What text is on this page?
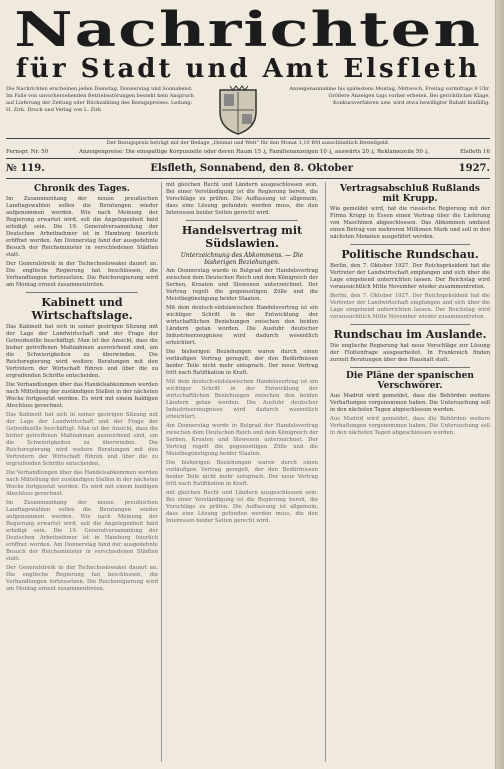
Nachrichten
für Stadt und Amt Elsfleth
Die Nachrichten erscheinen jeden Dienstag, Donnerstag und Sonnabend. Im Falle von unvorhersehenden Betriebsstörungen besteht kein Anspruch auf Lieferung der Zeitung oder Rückzahlung des Bezugspreises. Leitung: H. Zirk. Druck und Verlag von L. Zirk.
Anzeigenannahme bis spätestens Montag, Mittwoch, Freitag vormittags 9 Uhr. Größere Anzeigen tags vorher erbeten. Bei gerichtlicher Klage, Konkursverfahren usw. wird etwa bewilligter Rabatt hinfällig.
Der Bezugspreis beträgt mit der Beilage „Heimat und Welt“ für den Monat 1,10 RM ausschließlich Bestellgeld.
Fernspr. Nr. 50	Anzeigenpreise: Die einspaltige Korpuszeile oder deren Raum 15 ₰, Familienanzeigen 10 ₰, auswärts 20 ₰, Reklamezeile 50 ₰.	Elsfleth 16
№ 119.	Elsfleth, Sonnabend, den 8. Oktober	1927.
Chronik des Tages.

Im Zusammenhang der neuen preußischen Landtagswahlen sollen die Beratungen wieder aufgenommen werden. Wie nach Meinung der Regierung erwartet wird, soll die Angelegenheit bald erledigt sein. Die 19. Generalversammlung der Deutschen Arbeitnehmer ist in Hamburg feierlich eröffnet worden. Am Donnerstag fand der ausgedehnte Besuch der Reichsminister in verschiedenen Städten statt.

Der Generalstreik in der Tschechoslowakei dauert an. Die englische Regierung hat beschlossen, die Verhandlungen fortzusetzen. Die Reichsregierung wird am Montag erneut zusammentreten.

Kabinett und Wirtschaftslage.

Das Kabinett hat sich in seiner gestrigen Sitzung mit der Lage der Landwirtschaft und der Frage der Getreidezölle beschäftigt. Man ist der Ansicht, dass die bisher getroffenen Maßnahmen ausreichend sind, um die Schwierigkeiten zu überwinden. Die Reichsregierung wird weitere Beratungen mit den Vertretern der Wirtschaft führen und über die zu ergreifenden Schritte entscheiden.

Die Verhandlungen über das Handelsabkommen werden nach Mitteilung der zuständigen Stellen in der nächsten Woche fortgesetzt werden. Es wird mit einem baldigen Abschluss gerechnet.

Das Kabinett hat sich in seiner gestrigen Sitzung mit der Lage der Landwirtschaft und der Frage der Getreidezölle beschäftigt. Man ist der Ansicht, dass die bisher getroffenen Maßnahmen ausreichend sind, um die Schwierigkeiten zu überwinden. Die Reichsregierung wird weitere Beratungen mit den Vertretern der Wirtschaft führen und über die zu ergreifenden Schritte entscheiden.

Die Verhandlungen über das Handelsabkommen werden nach Mitteilung der zuständigen Stellen in der nächsten Woche fortgesetzt werden. Es wird mit einem baldigen Abschluss gerechnet.

Im Zusammenhang der neuen preußischen Landtagswahlen sollen die Beratungen wieder aufgenommen werden. Wie nach Meinung der Regierung erwartet wird, soll die Angelegenheit bald erledigt sein. Die 19. Generalversammlung der Deutschen Arbeitnehmer ist in Hamburg feierlich eröffnet worden. Am Donnerstag fand der ausgedehnte Besuch der Reichsminister in verschiedenen Städten statt.

Der Generalstreik in der Tschechoslowakei dauert an. Die englische Regierung hat beschlossen, die Verhandlungen fortzusetzen. Die Reichsregierung wird am Montag erneut zusammentreten.

mit gleichen Recht und Ländern ausgeschlossen sein. Bei einer Verständigung ist die Regierung bereit, die Vorschläge zu prüfen. Die Auffassung ist allgemein, dass eine Lösung gefunden werden muss, die den Interessen beider Seiten gerecht wird.

Handelsvertrag mit Südslawien.
Unterzeichnung des Abkommens. — Die bisherigen Beziehungen.

Am Donnerstag wurde in Belgrad der Handelsvertrag zwischen dem Deutschen Reich und dem Königreich der Serben, Kroaten und Slowenen unterzeichnet. Der Vertrag regelt die gegenseitigen Zölle und die Meistbegünstigung beider Staaten.

Mit dem deutsch-südslawischen Handelsvertrag ist ein wichtiger Schritt in der Entwicklung der wirtschaftlichen Beziehungen zwischen den beiden Ländern getan worden. Die Ausfuhr deutscher Industrieerzeugnisse wird dadurch wesentlich erleichtert.

Die bisherigen Beziehungen waren durch einen vorläufigen Vertrag geregelt, der den Bedürfnissen beider Teile nicht mehr entsprach. Der neue Vertrag tritt nach Ratifikation in Kraft.

Mit dem deutsch-südslawischen Handelsvertrag ist ein wichtiger Schritt in der Entwicklung der wirtschaftlichen Beziehungen zwischen den beiden Ländern getan worden. Die Ausfuhr deutscher Industrieerzeugnisse wird dadurch wesentlich erleichtert.

Am Donnerstag wurde in Belgrad der Handelsvertrag zwischen dem Deutschen Reich und dem Königreich der Serben, Kroaten und Slowenen unterzeichnet. Der Vertrag regelt die gegenseitigen Zölle und die Meistbegünstigung beider Staaten.

Die bisherigen Beziehungen waren durch einen vorläufigen Vertrag geregelt, der den Bedürfnissen beider Teile nicht mehr entsprach. Der neue Vertrag tritt nach Ratifikation in Kraft.

mit gleichen Recht und Ländern ausgeschlossen sein. Bei einer Verständigung ist die Regierung bereit, die Vorschläge zu prüfen. Die Auffassung ist allgemein, dass eine Lösung gefunden werden muss, die den Interessen beider Seiten gerecht wird.

Vertragsabschluß Rußlands mit Krupp.

Wie gemeldet wird, hat die russische Regierung mit der Firma Krupp in Essen einen Vertrag über die Lieferung von Maschinen abgeschlossen. Das Abkommen umfasst einen Betrag von mehreren Millionen Mark und soll in den nächsten Monaten ausgeführt werden.

Politische Rundschau.

Berlin, den 7. Oktober 1927. Der Reichspräsident hat die Vertreter der Landwirtschaft empfangen und sich über die Lage eingehend unterrichten lassen. Der Reichstag wird voraussichtlich Mitte November wieder zusammentreten.

Berlin, den 7. Oktober 1927. Der Reichspräsident hat die Vertreter der Landwirtschaft empfangen und sich über die Lage eingehend unterrichten lassen. Der Reichstag wird voraussichtlich Mitte November wieder zusammentreten.

Rundschau im Auslande.

Die englische Regierung hat neue Vorschläge zur Lösung der Flottenfrage ausgearbeitet. In Frankreich finden zurzeit Beratungen über den Haushalt statt.

Die Pläne der spanischen Verschwörer.

Aus Madrid wird gemeldet, dass die Behörden weitere Verhaftungen vorgenommen haben. Die Untersuchung soll in den nächsten Tagen abgeschlossen werden.

Aus Madrid wird gemeldet, dass die Behörden weitere Verhaftungen vorgenommen haben. Die Untersuchung soll in den nächsten Tagen abgeschlossen werden.
